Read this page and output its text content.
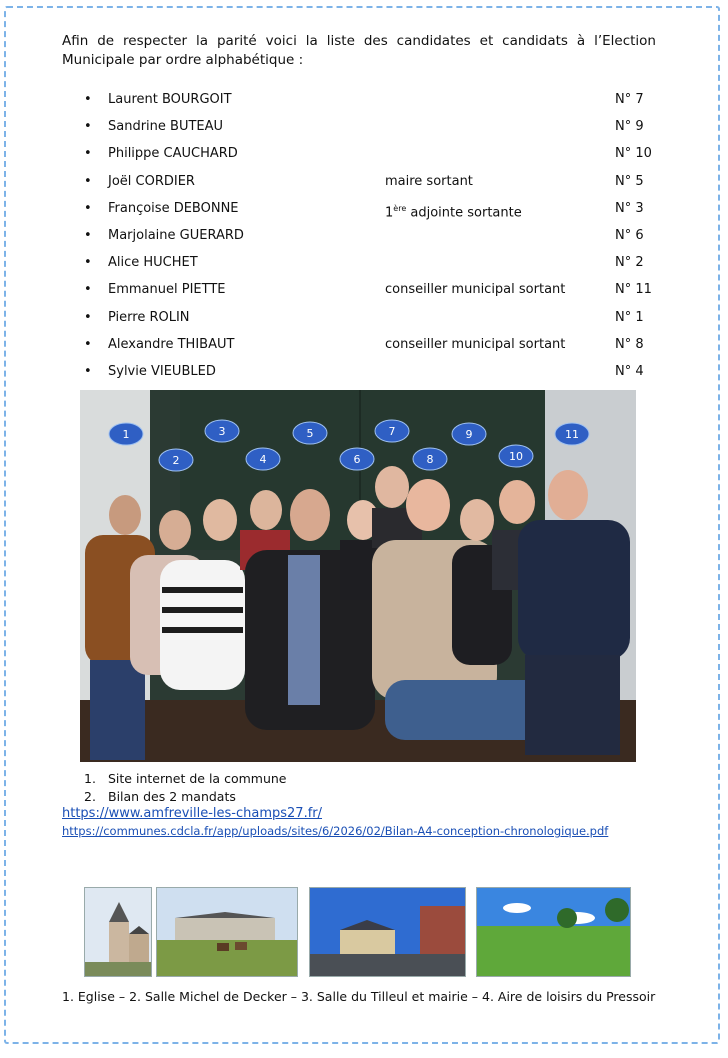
Afin de respecter la parité voici la liste des candidates et candidats à l’Election Municipale par ordre alphabétique :
• Laurent BOURGOIT	N° 7
• Sandrine BUTEAU	N° 9
• Philippe CAUCHARD	N° 10
• Joël CORDIER	maire sortant	N° 5
• Françoise DEBONNE	1ère adjointe sortante	N° 3
• Marjolaine GUERARD	N° 6
• Alice HUCHET	N° 2
• Emmanuel PIETTE	conseiller municipal sortant	N° 11
• Pierre ROLIN	N° 1
• Alexandre THIBAUT	conseiller municipal sortant	N° 8
• Sylvie VIEUBLED	N° 4
1
2
3
4
5
6
7
8
9
10
11
1. Site internet de la commune
2. Bilan des 2 mandats
https://www.amfreville-les-champs27.fr/
https://communes.cdcla.fr/app/uploads/sites/6/2026/02/Bilan-A4-conception-chronologique.pdf
1. Eglise – 2. Salle Michel de Decker – 3. Salle du Tilleul et mairie – 4. Aire de loisirs du Pressoir
